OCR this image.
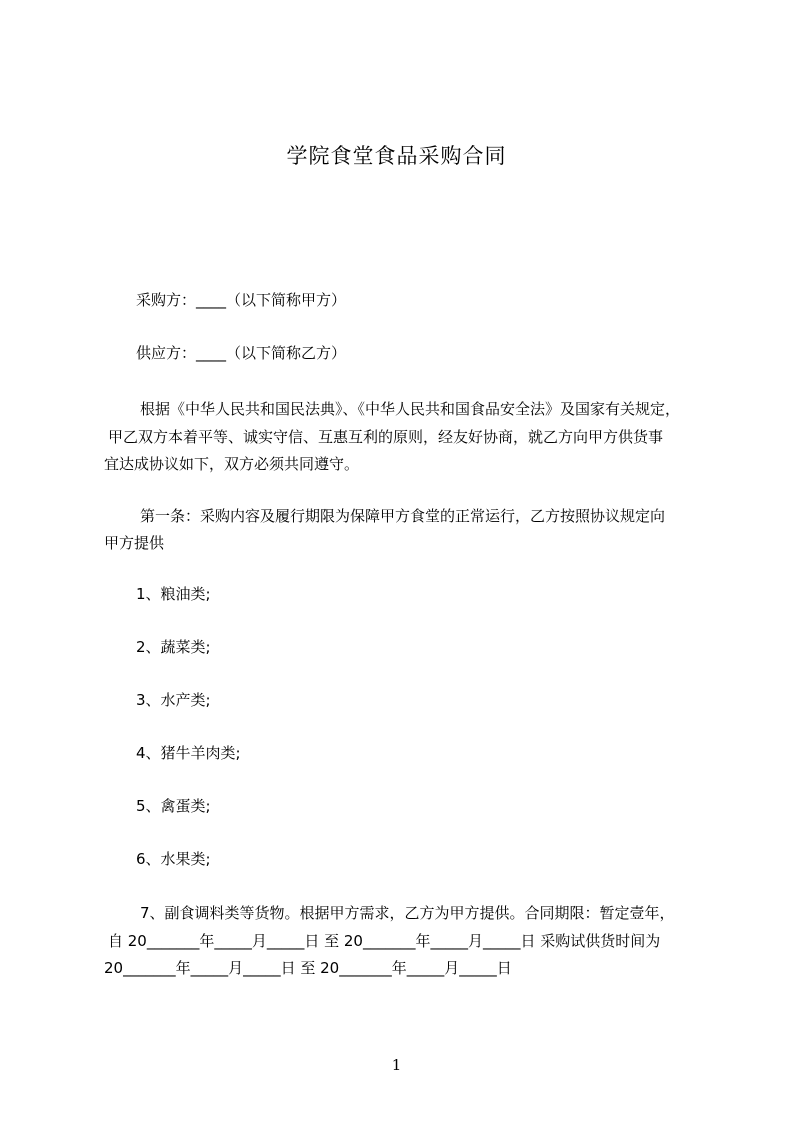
学院食堂食品采购合同
采购方：____（以下简称甲方）
供应方：____（以下简称乙方）
根据《中华人民共和国民法典》、《中华人民共和国食品安全法》及国家有关规定，
甲乙双方本着平等、诚实守信、互惠互利的原则，经友好协商，就乙方向甲方供货事
宜达成协议如下，双方必须共同遵守。
第一条：采购内容及履行期限为保障甲方食堂的正常运行，乙方按照协议规定向
甲方提供
1、粮油类;
2、蔬菜类;
3、水产类;
4、猪牛羊肉类;
5、禽蛋类;
6、水果类;
7、副食调料类等货物。根据甲方需求，乙方为甲方提供。合同期限：暂定壹年，
自 20_______年_____月_____日 至 20_______年_____月_____日 采购试供货时间为
20_______年_____月_____日 至 20_______年_____月_____日
1
